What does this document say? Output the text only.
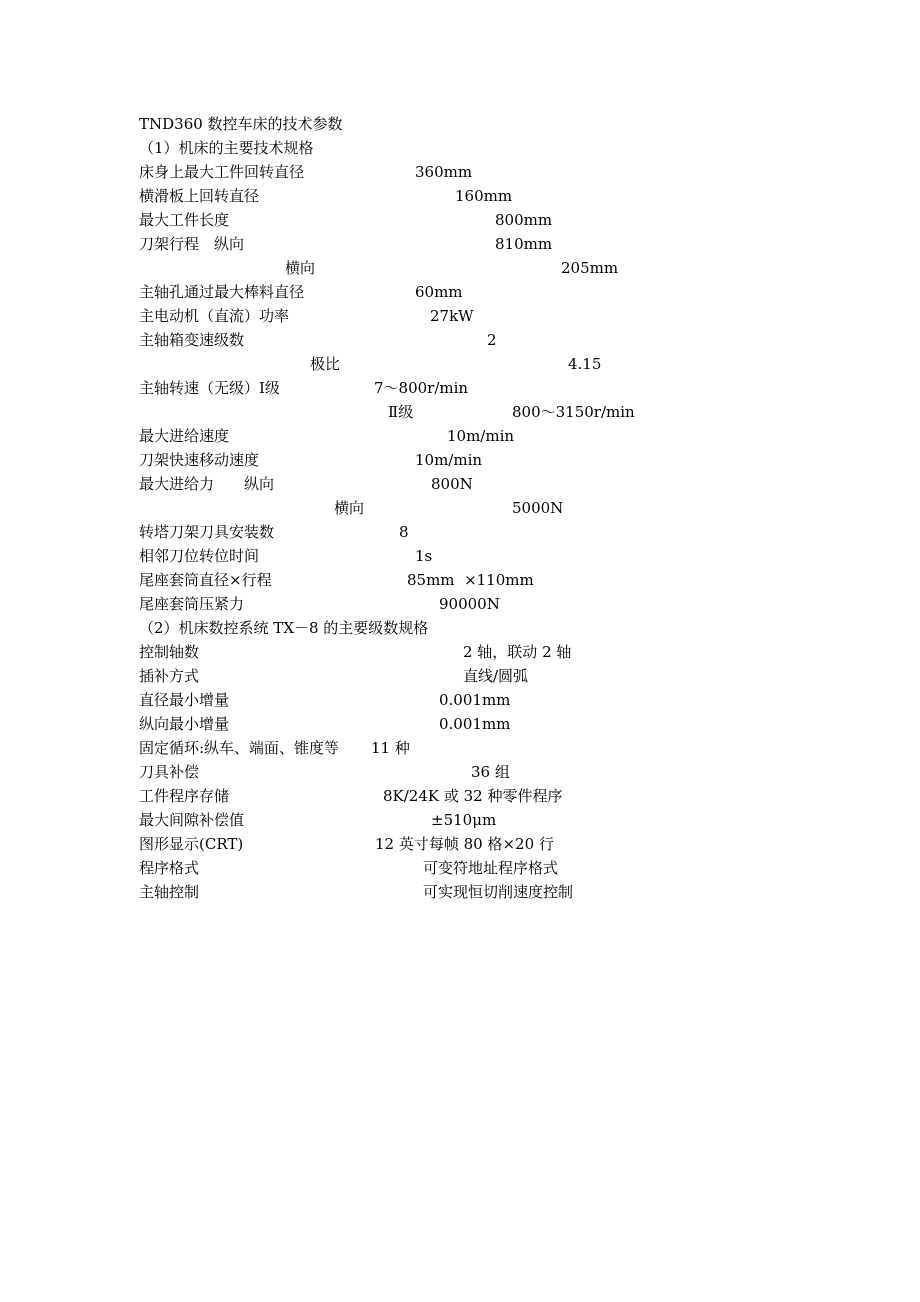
TND360 数控车床的技术参数
（1）机床的主要技术规格
床身上最大工件回转直径	360mm
横滑板上回转直径	160mm
最大工件长度	800mm
刀架行程　纵向	810mm
横向	205mm
主轴孔通过最大棒料直径	60mm
主电动机（直流）功率	27kW
主轴箱变速级数	2
极比	4.15
主轴转速（无级）Ⅰ级	7～800r/min
Ⅱ级	800～3150r/min
最大进给速度	10m/min
刀架快速移动速度	10m/min
最大进给力　　纵向	800N
横向	5000N
转塔刀架刀具安装数	8
相邻刀位转位时间	1s
尾座套筒直径×行程	85mm  ×110mm
尾座套筒压紧力	90000N
（2）机床数控系统 TX－8 的主要级数规格
控制轴数	2 轴，联动 2 轴
插补方式	直线/圆弧
直径最小增量	0.001mm
纵向最小增量	0.001mm
固定循环:纵车、端面、锥度等 11 种
刀具补偿	36 组
工件程序存储	8K/24K 或 32 种零件程序
最大间隙补偿值	±510μm
图形显示(CRT)	12 英寸每帧 80 格×20 行
程序格式	可变符地址程序格式
主轴控制	可实现恒切削速度控制
